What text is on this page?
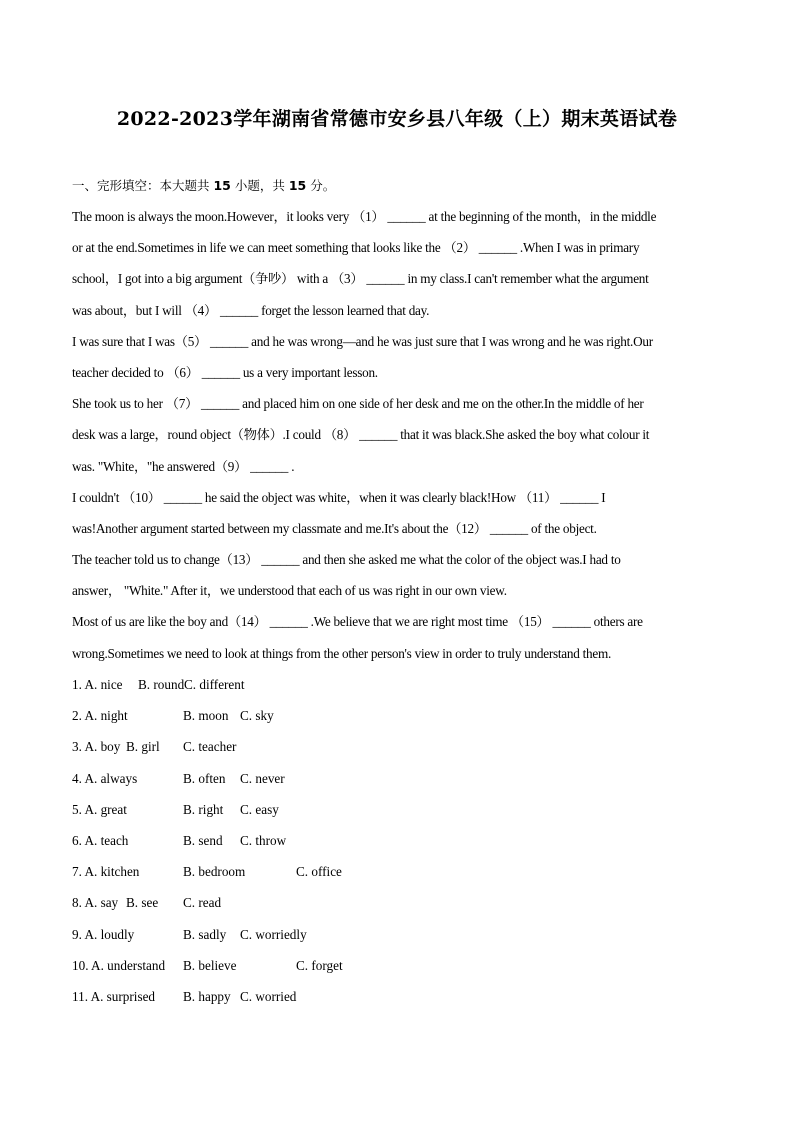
2022-2023学年湖南省常德市安乡县八年级（上）期末英语试卷
一、完形填空：本大题共 15 小题，共 15 分。
The moon is always the moon.However，it looks very （1） ______ at the beginning of the month，in the middle
or at the end.Sometimes in life we can meet something that looks like the （2） ______ .When I was in primary
school，I got into a big argument（争吵） with a （3） ______ in my class.I can't remember what the argument
was about，but I will （4） ______ forget the lesson learned that day.
I was sure that I was（5） ______ and he was wrong—and he was just sure that I was wrong and he was right.Our
teacher decided to （6） ______ us a very important lesson.
She took us to her （7） ______ and placed him on one side of her desk and me on the other.In the middle of her
desk was a large，round object（物体）.I could （8） ______ that it was black.She asked the boy what colour it
was. "White，"he answered（9） ______ .
I couldn't （10） ______ he said the object was white，when it was clearly black!How （11） ______ I
was!Another argument started between my classmate and me.It's about the（12） ______ of the object.
The teacher told us to change（13） ______ and then she asked me what the color of the object was.I had to
answer， "White." After it，we understood that each of us was right in our own view.
Most of us are like the boy and（14） ______ .We believe that we are right most time （15） ______ others are
wrong.Sometimes we need to look at things from the other person's view in order to truly understand them.
1. A. nice B. round C. different
2. A. night	B. moon C. sky
3. A. boy B. girl C. teacher
4. A. always	B. often C. never
5. A. great	B. right C. easy
6. A. teach	B. send C. throw
7. A. kitchen	B. bedroom	C. office
8. A. say B. see C. read
9. A. loudly	B. sadly C. worriedly
10. A. understand B. believe	C. forget
11. A. surprised B. happy C. worried
